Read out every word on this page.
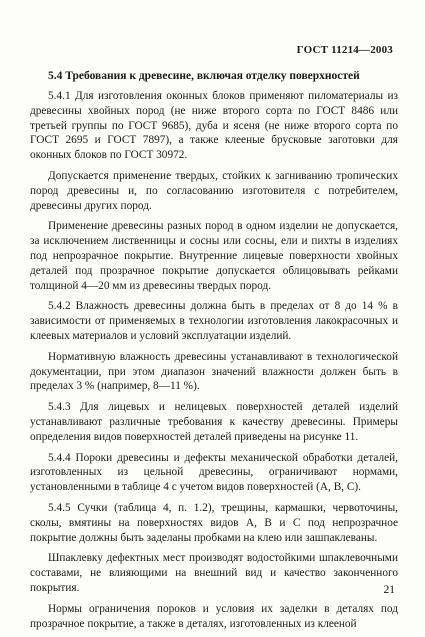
ГОСТ 11214—2003
5.4 Требования к древесине, включая отделку поверхностей

5.4.1 Для изготовления оконных блоков применяют пиломатериалы из древесины хвойных пород (не ниже второго сорта по ГОСТ 8486 или третьей группы по ГОСТ 9685), дуба и ясеня (не ниже второго сорта по ГОСТ 2695 и ГОСТ 7897), а также клееные брусковые заготовки для оконных блоков по ГОСТ 30972.

Допускается применение твердых, стойких к загниванию тропических пород древесины и, по согласованию изготовителя с потребителем, древесины других пород.

Применение древесины разных пород в одном изделии не допускается, за исключением лиственницы и сосны или сосны, ели и пихты в изделиях под непрозрачное покрытие. Внутренние лицевые поверхности хвойных деталей под прозрачное покрытие допускается облицовывать рейками толщиной 4—20 мм из древесины твердых пород.

5.4.2 Влажность древесины должна быть в пределах от 8 до 14 % в зависимости от применяемых в технологии изготовления лакокрасочных и клеевых материалов и условий эксплуатации изделий.

Нормативную влажность древесины устанавливают в технологической документации, при этом диапазон значений влажности должен быть в пределах 3 % (например, 8—11 %).

5.4.3 Для лицевых и нелицевых поверхностей деталей изделий устанавливают различные требования к качеству древесины. Примеры определения видов поверхностей деталей приведены на рисунке 11.

5.4.4 Пороки древесины и дефекты механической обработки деталей, изготовленных из цельной древесины, ограничивают нормами, установленными в таблице 4 с учетом видов поверхностей (А, В, С).

5.4.5 Сучки (таблица 4, п. 1.2), трещины, кармашки, червоточины, сколы, вмятины на поверхностях видов А, В и С под непрозрачное покрытие должны быть заделаны пробками на клею или зашпаклеваны.

Шпаклевку дефектных мест производят водостойкими шпаклевочными составами, не влияющими на внешний вид и качество законченного покрытия.

Нормы ограничения пороков и условия их заделки в деталях под прозрачное покрытие, а также в деталях, изготовленных из клееной

21
